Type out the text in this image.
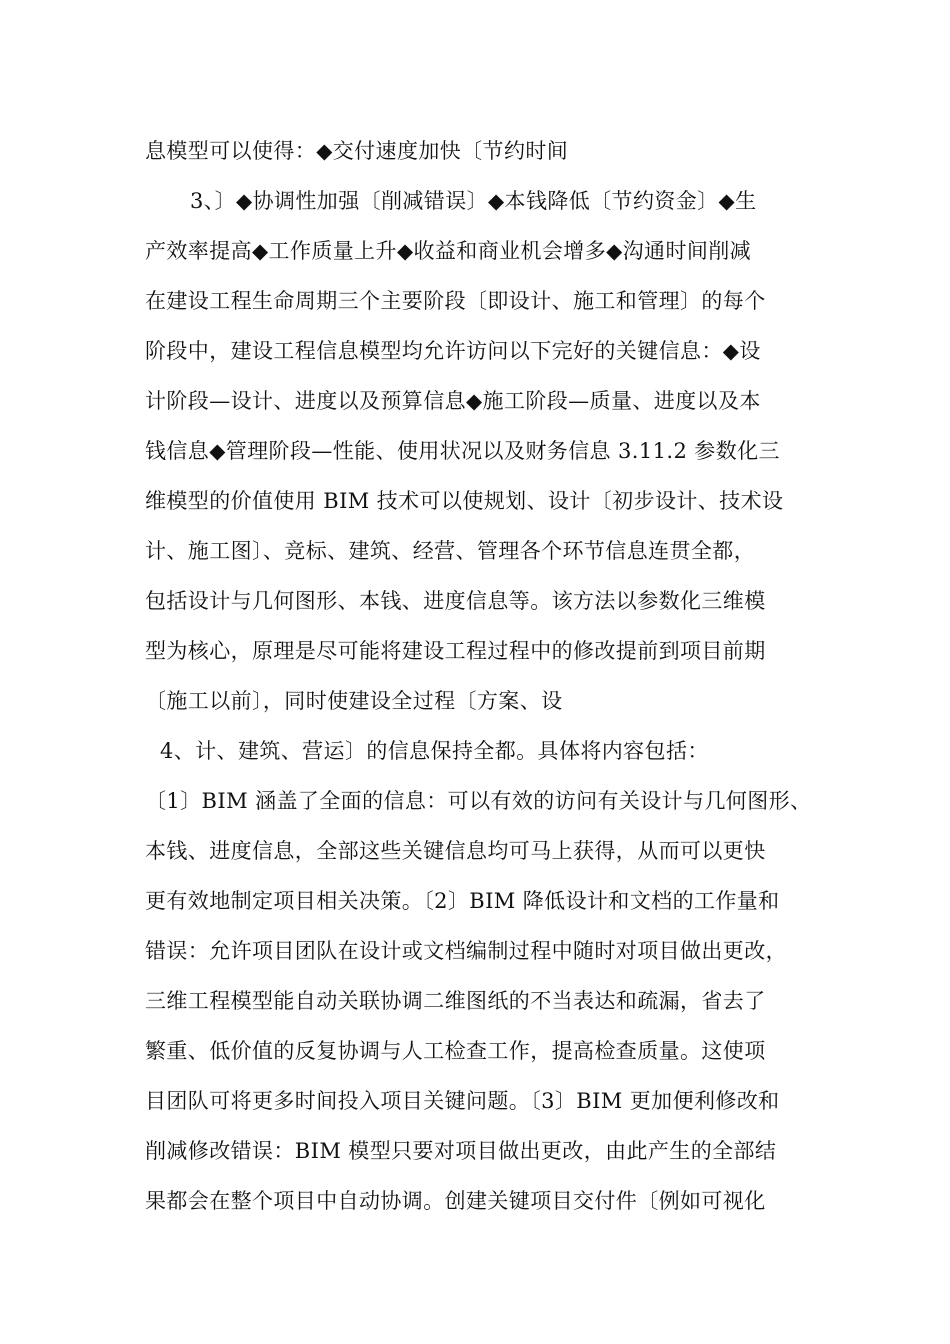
息模型可以使得：◆交付速度加快〔节约时间

3、〕◆协调性加强〔削减错误〕◆本钱降低〔节约资金〕◆生

产效率提高◆工作质量上升◆收益和商业机会增多◆沟通时间削减

在建设工程生命周期三个主要阶段〔即设计、施工和管理〕的每个

阶段中，建设工程信息模型均允许访问以下完好的关键信息：◆设

计阶段—设计、进度以及预算信息◆施工阶段—质量、进度以及本

钱信息◆管理阶段—性能、使用状况以及财务信息 3.11.2 参数化三

维模型的价值使用 BIM 技术可以使规划、设计〔初步设计、技术设

计、施工图〕、竞标、建筑、经营、管理各个环节信息连贯全都，

包括设计与几何图形、本钱、进度信息等。该方法以参数化三维模

型为核心，原理是尽可能将建设工程过程中的修改提前到项目前期

〔施工以前〕，同时使建设全过程〔方案、设

4、计、建筑、营运〕的信息保持全都。具体将内容包括：

〔1〕BIM 涵盖了全面的信息：可以有效的访问有关设计与几何图形、

本钱、进度信息，全部这些关键信息均可马上获得，从而可以更快

更有效地制定项目相关决策。〔2〕BIM 降低设计和文档的工作量和

错误：允许项目团队在设计或文档编制过程中随时对项目做出更改，

三维工程模型能自动关联协调二维图纸的不当表达和疏漏，省去了

繁重、低价值的反复协调与人工检查工作，提高检查质量。这使项

目团队可将更多时间投入项目关键问题。〔3〕BIM 更加便利修改和

削减修改错误：BIM 模型只要对项目做出更改，由此产生的全部结

果都会在整个项目中自动协调。创建关键项目交付件〔例如可视化
